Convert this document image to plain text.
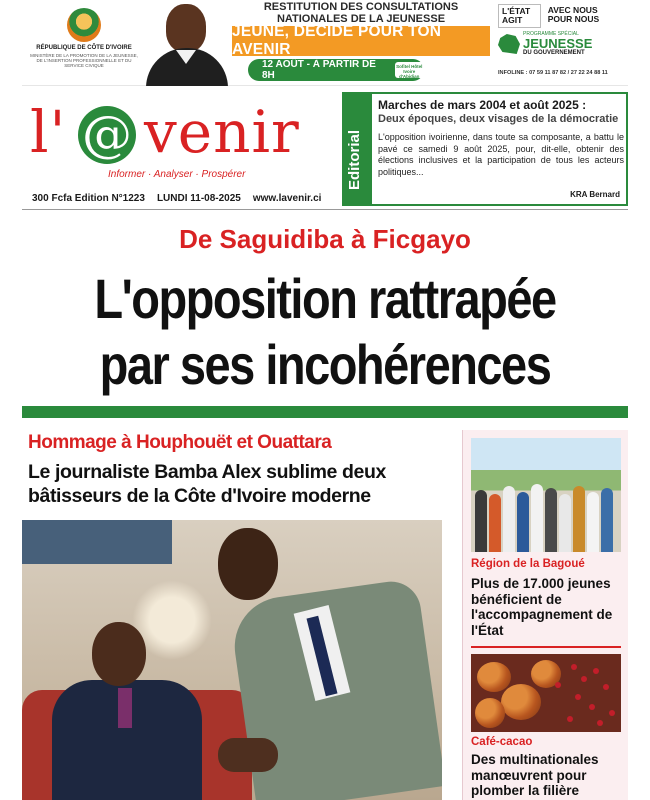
RÉPUBLIQUE DE CÔTE D'IVOIRE
MINISTÈRE DE LA PROMOTION DE LA JEUNESSE, DE L'INSERTION PROFESSIONNELLE ET DU SERVICE CIVIQUE
RESTITUTION DES CONSULTATIONS NATIONALES DE LA JEUNESSE
JEUNE, DECIDE POUR TON AVENIR
12 AOÛT - À PARTIR DE 8H
Sofitel Hôtel Ivoire d'Abidjan
L'ÉTAT AGIT
AVEC NOUS POUR NOUS
PROGRAMME SPÉCIAL
JEUNESSE
DU GOUVERNEMENT
INFOLINE : 07 59 11 87 82 / 27 22 24 88 11
l' venir
@
Informer · Analyser · Prospérer
300 Fcfa Edition N°1223 LUNDI 11-08-2025 www.lavenir.ci
Editorial
Marches de mars 2004 et août 2025 :
Deux époques, deux visages de la démocratie
L'opposition ivoirienne, dans toute sa composante, a battu le pavé ce samedi 9 août 2025, pour, dit-elle, obtenir des élections inclusives et la participation de tous les acteurs politiques...
KRA Bernard
De Saguidiba à Ficgayo
L'opposition rattrapée
par ses incohérences
Hommage à Houphouët et Ouattara
Le journaliste Bamba Alex sublime deux bâtisseurs de la Côte d'Ivoire moderne
Région de la Bagoué
Plus de 17.000 jeunes bénéficient de l'accompagnement de l'État
Café-cacao
Des multinationales manœuvrent pour plomber la filière
